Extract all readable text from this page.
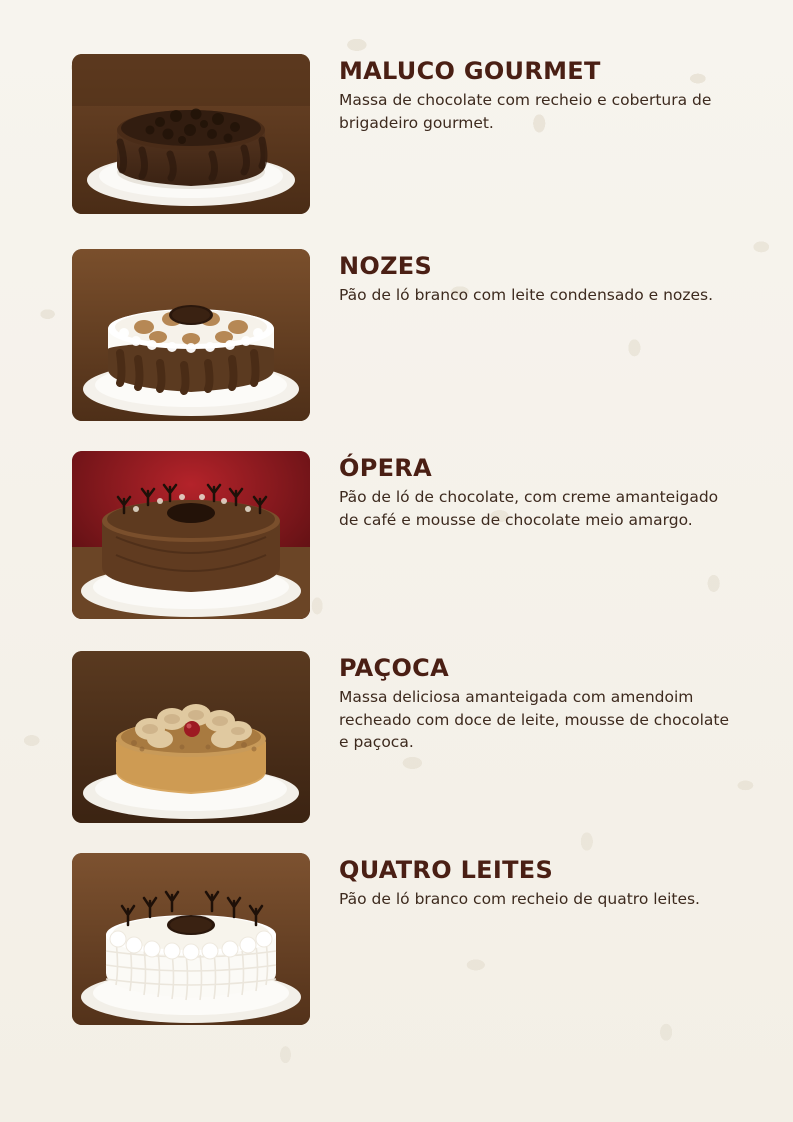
MALUCO GOURMET
Massa de chocolate com recheio e cobertura de brigadeiro gourmet.
NOZES
Pão de ló branco com leite condensado e nozes.
ÓPERA
Pão de ló de chocolate, com creme amanteigado de café e mousse de chocolate meio amargo.
PAÇOCA
Massa deliciosa amanteigada com amendoim recheado com doce de leite, mousse de chocolate e paçoca.
QUATRO LEITES
Pão de ló branco com recheio de quatro leites.
